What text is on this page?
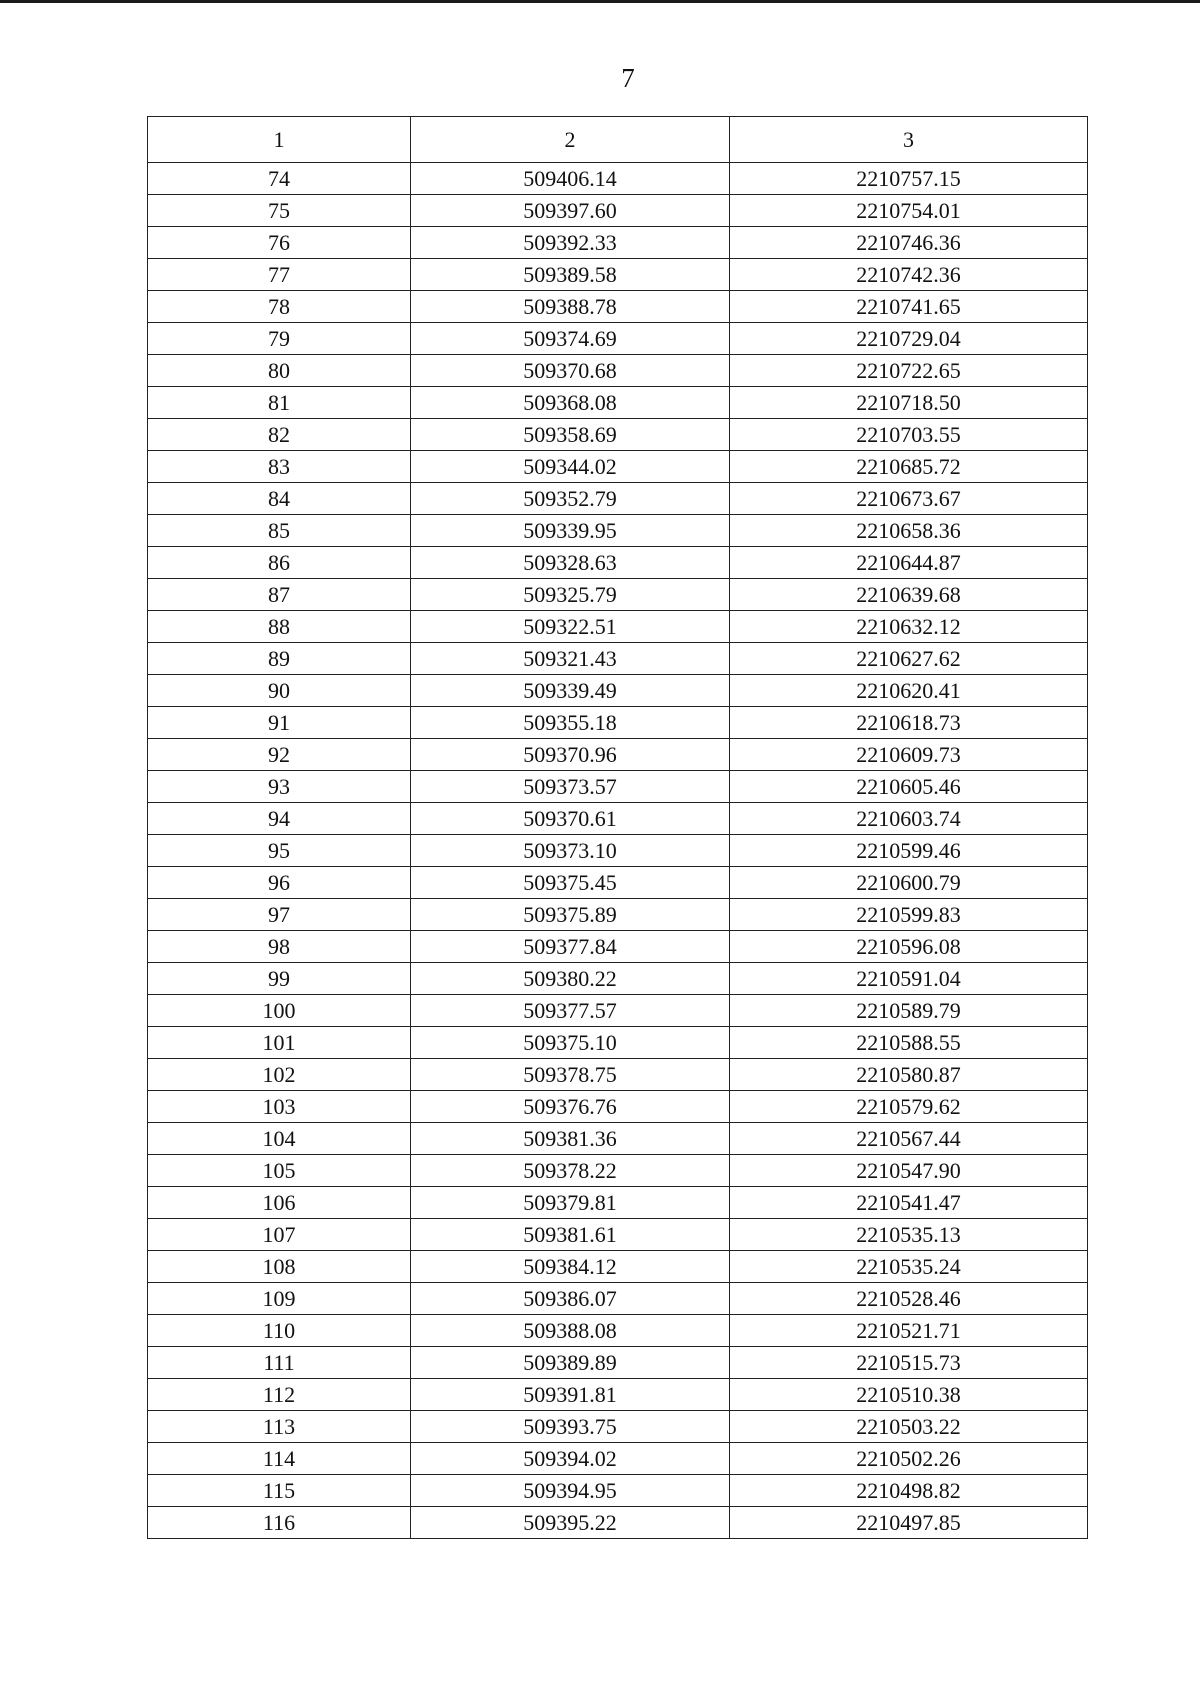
7
1	2	3
74	509406.14	2210757.15
75	509397.60	2210754.01
76	509392.33	2210746.36
77	509389.58	2210742.36
78	509388.78	2210741.65
79	509374.69	2210729.04
80	509370.68	2210722.65
81	509368.08	2210718.50
82	509358.69	2210703.55
83	509344.02	2210685.72
84	509352.79	2210673.67
85	509339.95	2210658.36
86	509328.63	2210644.87
87	509325.79	2210639.68
88	509322.51	2210632.12
89	509321.43	2210627.62
90	509339.49	2210620.41
91	509355.18	2210618.73
92	509370.96	2210609.73
93	509373.57	2210605.46
94	509370.61	2210603.74
95	509373.10	2210599.46
96	509375.45	2210600.79
97	509375.89	2210599.83
98	509377.84	2210596.08
99	509380.22	2210591.04
100	509377.57	2210589.79
101	509375.10	2210588.55
102	509378.75	2210580.87
103	509376.76	2210579.62
104	509381.36	2210567.44
105	509378.22	2210547.90
106	509379.81	2210541.47
107	509381.61	2210535.13
108	509384.12	2210535.24
109	509386.07	2210528.46
110	509388.08	2210521.71
111	509389.89	2210515.73
112	509391.81	2210510.38
113	509393.75	2210503.22
114	509394.02	2210502.26
115	509394.95	2210498.82
116	509395.22	2210497.85
